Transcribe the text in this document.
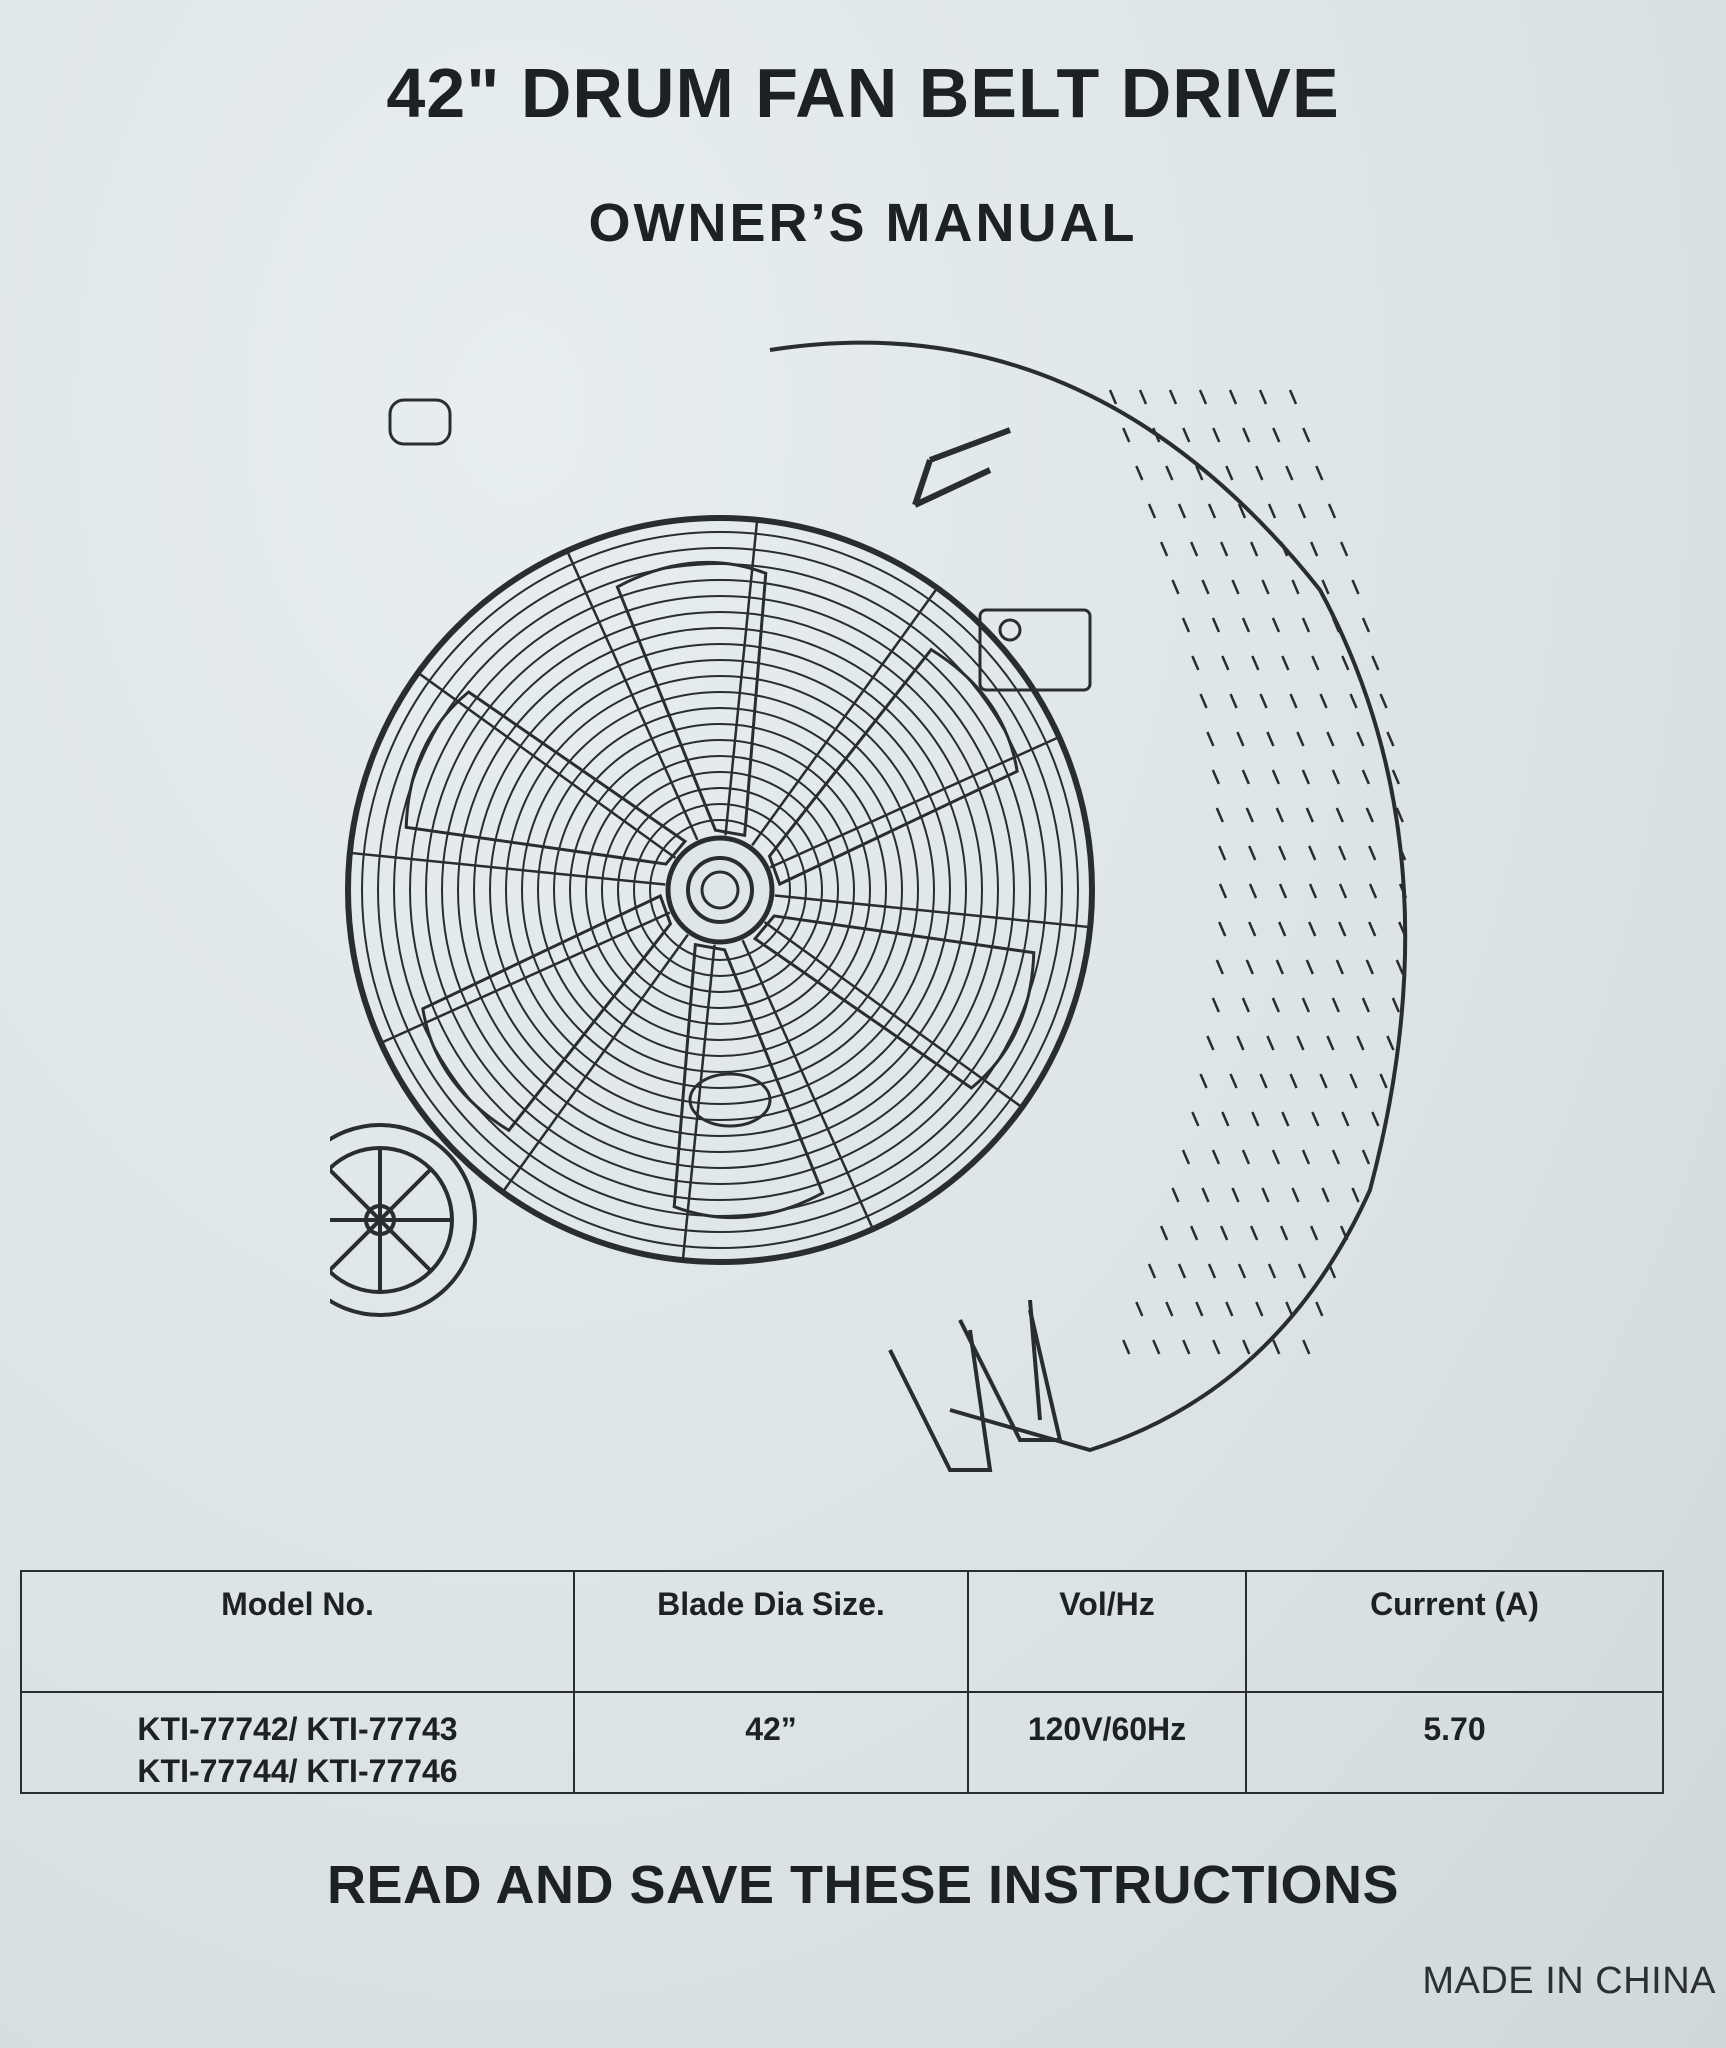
42" DRUM FAN BELT DRIVE
OWNER’S MANUAL
Model No.	Blade Dia Size.	Vol/Hz	Current (A)

KTI-77742/ KTI-77743
KTI-77744/ KTI-77746	42”	120V/60Hz	5.70

READ AND SAVE THESE INSTRUCTIONS

MADE IN CHINA
